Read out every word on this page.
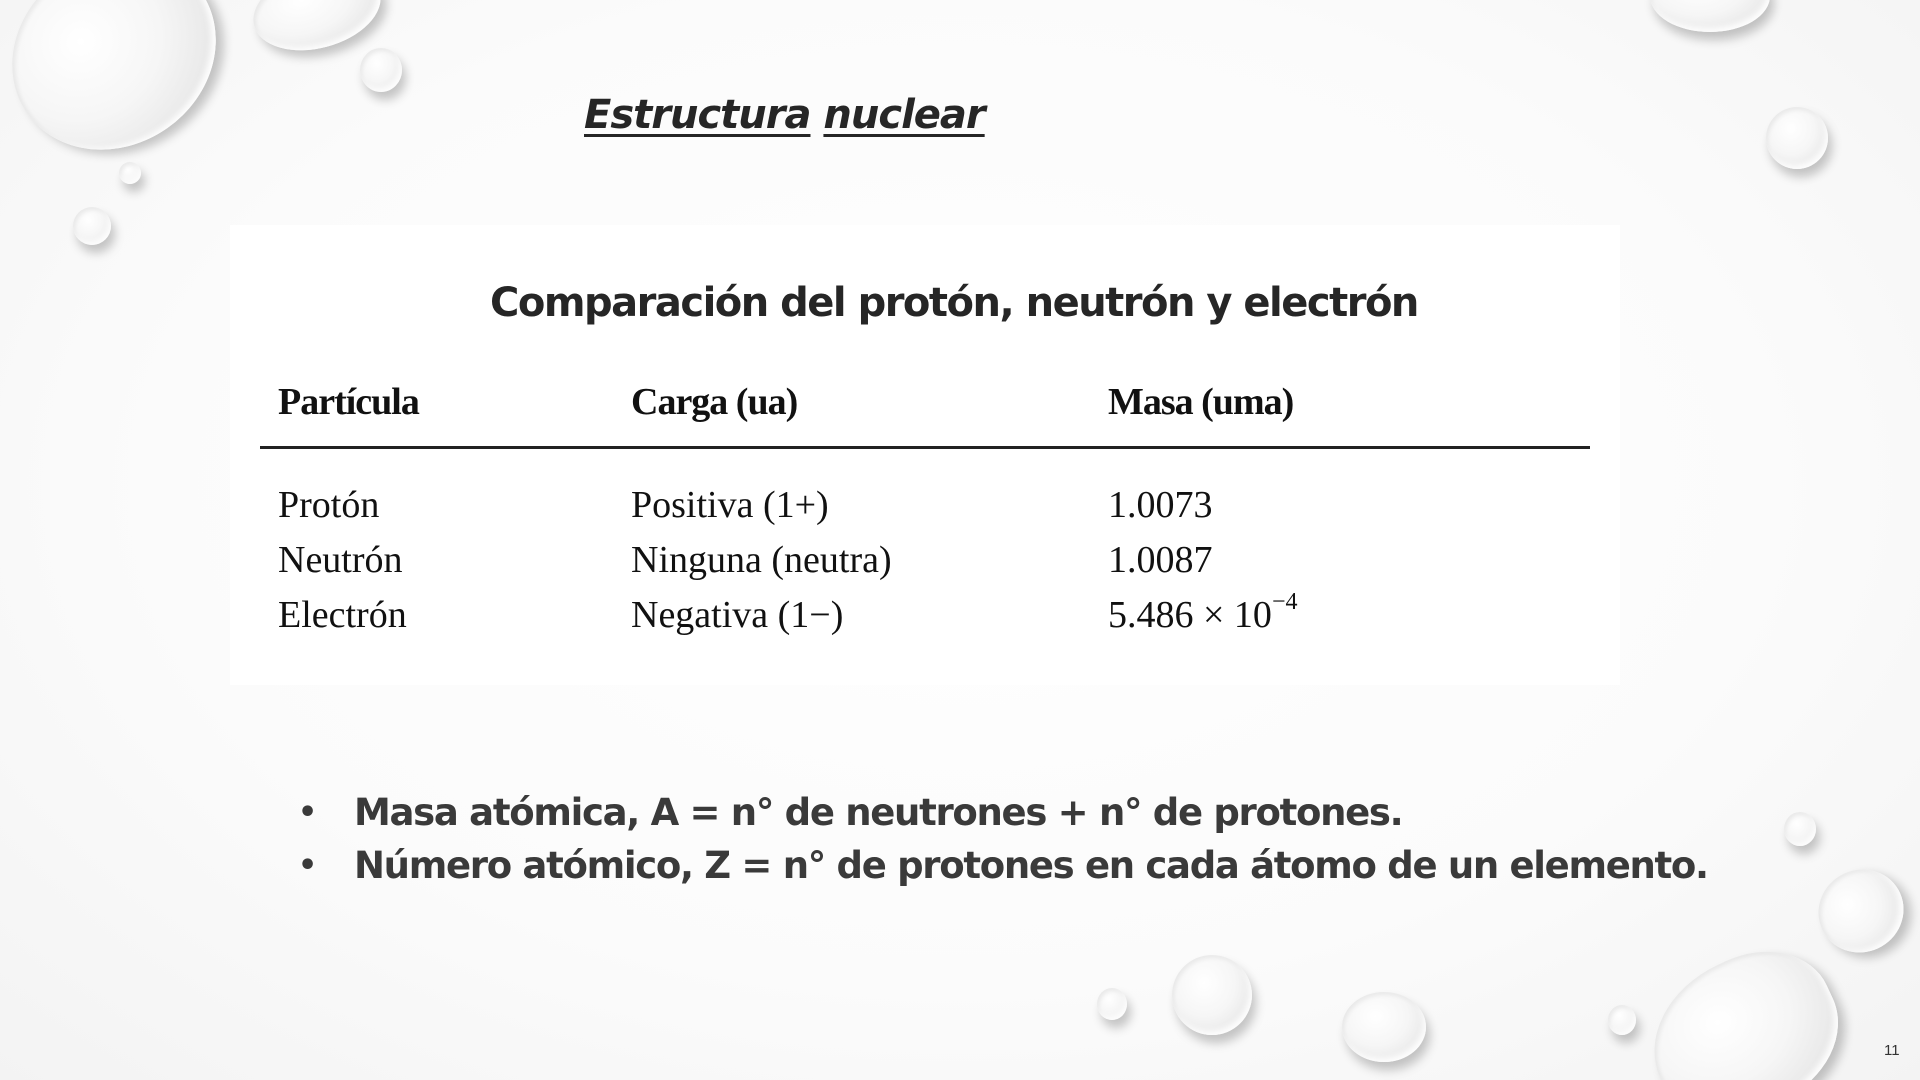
Estructura nuclear
Comparación del protón, neutrón y electrón
Partícula	Carga (ua)	Masa (uma)
Protón	Positiva (1+)	1.0073
Neutrón	Ninguna (neutra)	1.0087
Electrón	Negativa (1−)	$5.486 \times 10^{-4}$
•	Masa atómica, A = n° de neutrones + n° de protones.
•	Número atómico, Z = n° de protones en cada átomo de un elemento.
11
